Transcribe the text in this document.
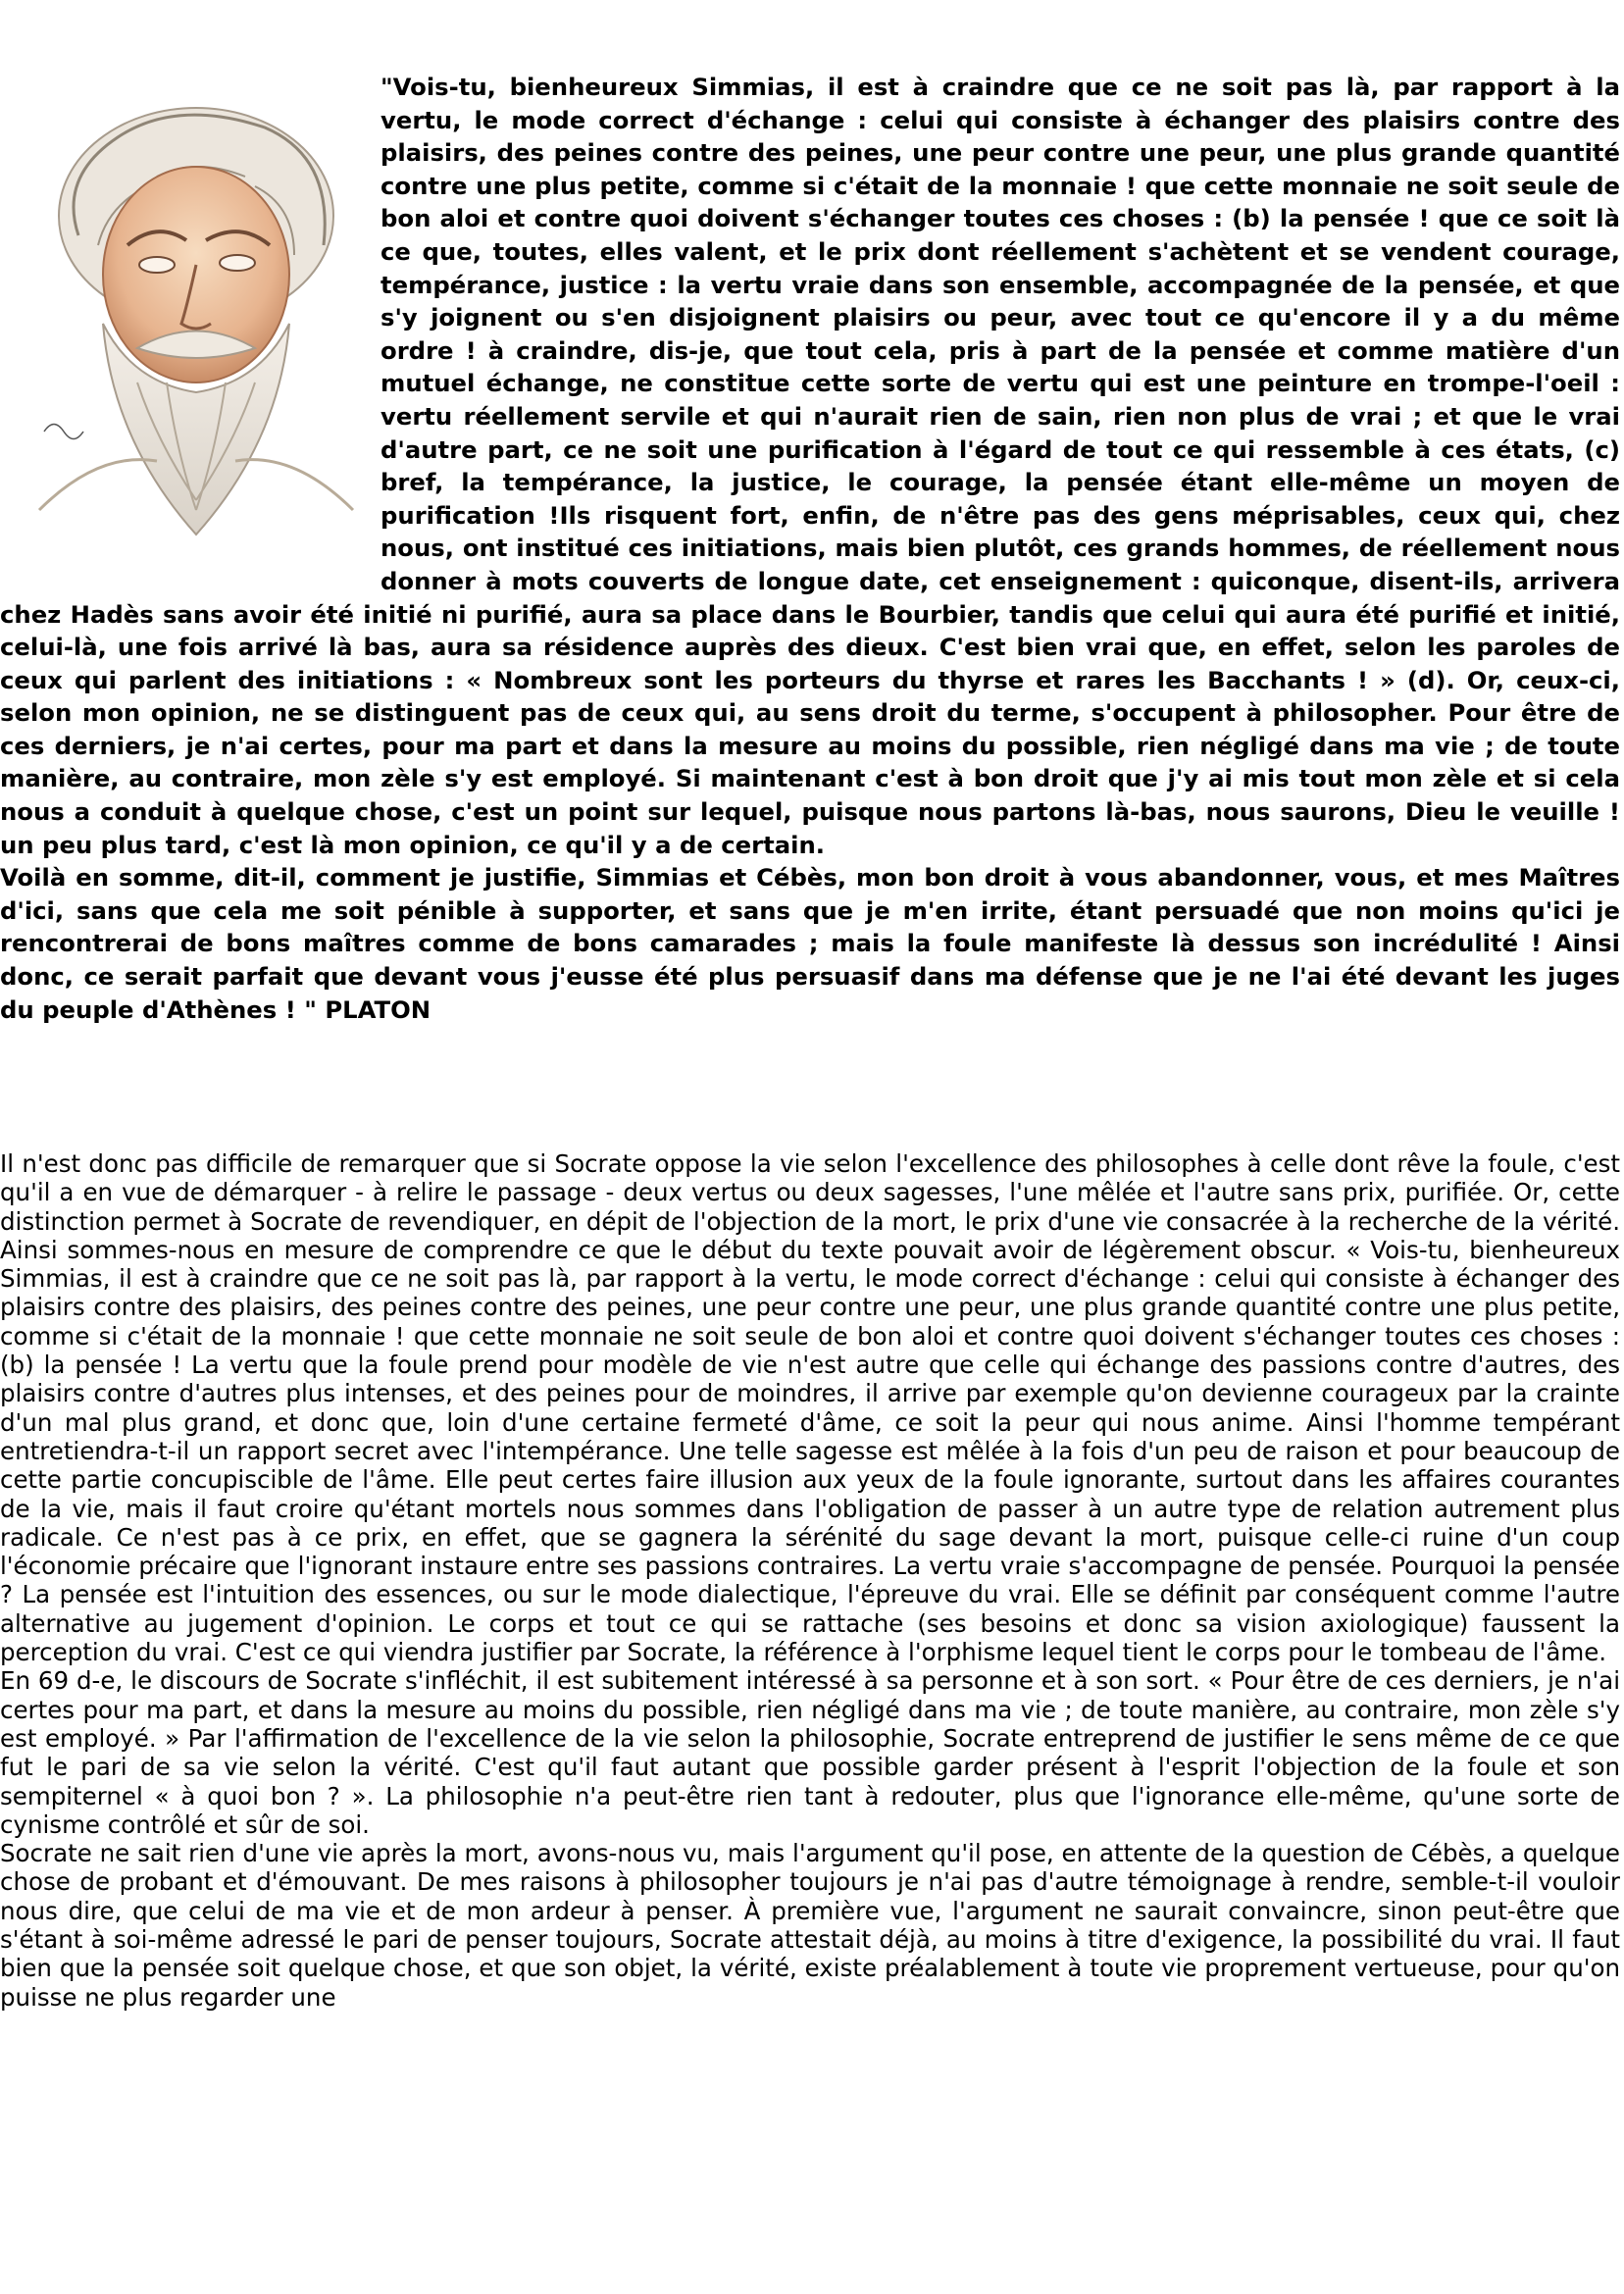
"Vois-tu, bienheureux Simmias, il est à craindre que ce ne soit pas là, par rapport à la vertu, le mode correct d'échange : celui qui consiste à échanger des plaisirs contre des plaisirs, des peines contre des peines, une peur contre une peur, une plus grande quantité contre une plus petite, comme si c'était de la monnaie ! que cette monnaie ne soit seule de bon aloi et contre quoi doivent s'échanger toutes ces choses : (b) la pensée ! que ce soit là ce que, toutes, elles valent, et le prix dont réellement s'achètent et se vendent courage, tempérance, justice : la vertu vraie dans son ensemble, accompagnée de la pensée, et que s'y joignent ou s'en disjoignent plaisirs ou peur, avec tout ce qu'encore il y a du même ordre ! à craindre, dis-je, que tout cela, pris à part de la pensée et comme matière d'un mutuel échange, ne constitue cette sorte de vertu qui est une peinture en trompe-l'oeil : vertu réellement servile et qui n'aurait rien de sain, rien non plus de vrai ; et que le vrai d'autre part, ce ne soit une purification à l'égard de tout ce qui ressemble à ces états, (c) bref, la tempérance, la justice, le courage, la pensée étant elle-même un moyen de purification !Ils risquent fort, enfin, de n'être pas des gens méprisables, ceux qui, chez nous, ont institué ces initiations, mais bien plutôt, ces grands hommes, de réellement nous donner à mots couverts de longue date, cet enseignement : quiconque, disent-ils, arrivera chez Hadès sans avoir été initié ni purifié, aura sa place dans le Bourbier, tandis que celui qui aura été purifié et initié, celui-là, une fois arrivé là bas, aura sa résidence auprès des dieux. C'est bien vrai que, en effet, selon les paroles de ceux qui parlent des initiations : « Nombreux sont les porteurs du thyrse et rares les Bacchants ! » (d). Or, ceux-ci, selon mon opinion, ne se distinguent pas de ceux qui, au sens droit du terme, s'occupent à philosopher. Pour être de ces derniers, je n'ai certes, pour ma part et dans la mesure au moins du possible, rien négligé dans ma vie ; de toute manière, au contraire, mon zèle s'y est employé. Si maintenant c'est à bon droit que j'y ai mis tout mon zèle et si cela nous a conduit à quelque chose, c'est un point sur lequel, puisque nous partons là-bas, nous saurons, Dieu le veuille ! un peu plus tard, c'est là mon opinion, ce qu'il y a de certain.

Voilà en somme, dit-il, comment je justifie, Simmias et Cébès, mon bon droit à vous abandonner, vous, et mes Maîtres d'ici, sans que cela me soit pénible à supporter, et sans que je m'en irrite, étant persuadé que non moins qu'ici je rencontrerai de bons maîtres comme de bons camarades ; mais la foule manifeste là dessus son incrédulité ! Ainsi donc, ce serait parfait que devant vous j'eusse été plus persuasif dans ma défense que je ne l'ai été devant les juges du peuple d'Athènes ! " PLATON

Il n'est donc pas difficile de remarquer que si Socrate oppose la vie selon l'excellence des philosophes à celle dont rêve la foule, c'est qu'il a en vue de démarquer - à relire le passage - deux vertus ou deux sagesses, l'une mêlée et l'autre sans prix, purifiée. Or, cette distinction permet à Socrate de revendiquer, en dépit de l'objection de la mort, le prix d'une vie consacrée à la recherche de la vérité. Ainsi sommes-nous en mesure de comprendre ce que le début du texte pouvait avoir de légèrement obscur. « Vois-tu, bienheureux Simmias, il est à craindre que ce ne soit pas là, par rapport à la vertu, le mode correct d'échange : celui qui consiste à échanger des plaisirs contre des plaisirs, des peines contre des peines, une peur contre une peur, une plus grande quantité contre une plus petite, comme si c'était de la monnaie ! que cette monnaie ne soit seule de bon aloi et contre quoi doivent s'échanger toutes ces choses : (b) la pensée ! La vertu que la foule prend pour modèle de vie n'est autre que celle qui échange des passions contre d'autres, des plaisirs contre d'autres plus intenses, et des peines pour de moindres, il arrive par exemple qu'on devienne courageux par la crainte d'un mal plus grand, et donc que, loin d'une certaine fermeté d'âme, ce soit la peur qui nous anime. Ainsi l'homme tempérant entretiendra-t-il un rapport secret avec l'intempérance. Une telle sagesse est mêlée à la fois d'un peu de raison et pour beaucoup de cette partie concupiscible de l'âme. Elle peut certes faire illusion aux yeux de la foule ignorante, surtout dans les affaires courantes de la vie, mais il faut croire qu'étant mortels nous sommes dans l'obligation de passer à un autre type de relation autrement plus radicale. Ce n'est pas à ce prix, en effet, que se gagnera la sérénité du sage devant la mort, puisque celle-ci ruine d'un coup l'économie précaire que l'ignorant instaure entre ses passions contraires. La vertu vraie s'accompagne de pensée. Pourquoi la pensée ? La pensée est l'intuition des essences, ou sur le mode dialectique, l'épreuve du vrai. Elle se définit par conséquent comme l'autre alternative au jugement d'opinion. Le corps et tout ce qui se rattache (ses besoins et donc sa vision axiologique) faussent la perception du vrai. C'est ce qui viendra justifier par Socrate, la référence à l'orphisme lequel tient le corps pour le tombeau de l'âme.

En 69 d-e, le discours de Socrate s'infléchit, il est subitement intéressé à sa personne et à son sort. « Pour être de ces derniers, je n'ai certes pour ma part, et dans la mesure au moins du possible, rien négligé dans ma vie ; de toute manière, au contraire, mon zèle s'y est employé. » Par l'affirmation de l'excellence de la vie selon la philosophie, Socrate entreprend de justifier le sens même de ce que fut le pari de sa vie selon la vérité. C'est qu'il faut autant que possible garder présent à l'esprit l'objection de la foule et son sempiternel « à quoi bon ? ». La philosophie n'a peut-être rien tant à redouter, plus que l'ignorance elle-même, qu'une sorte de cynisme contrôlé et sûr de soi.

Socrate ne sait rien d'une vie après la mort, avons-nous vu, mais l'argument qu'il pose, en attente de la question de Cébès, a quelque chose de probant et d'émouvant. De mes raisons à philosopher toujours je n'ai pas d'autre témoignage à rendre, semble-t-il vouloir nous dire, que celui de ma vie et de mon ardeur à penser. À première vue, l'argument ne saurait convaincre, sinon peut-être que s'étant à soi-même adressé le pari de penser toujours, Socrate attestait déjà, au moins à titre d'exigence, la possibilité du vrai. Il faut bien que la pensée soit quelque chose, et que son objet, la vérité, existe préalablement à toute vie proprement vertueuse, pour qu'on puisse ne plus regarder une
